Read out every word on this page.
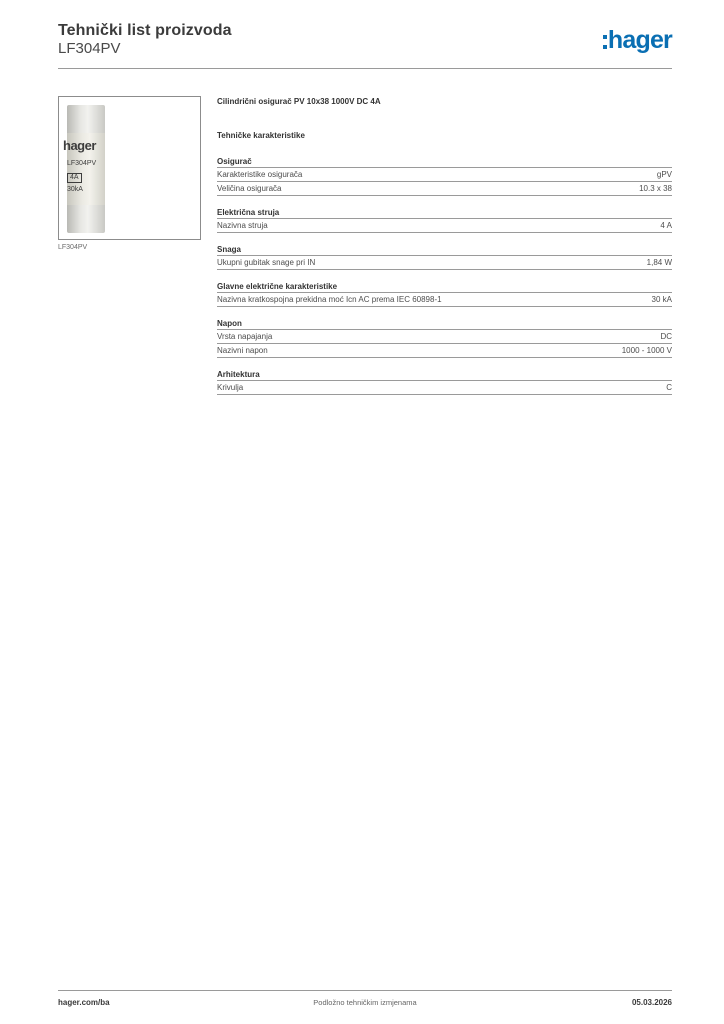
Tehnički list proizvoda
LF304PV	hager
hager
LF304PV
4A
30kA
LF304PV
Cilindrični osigurač PV 10x38 1000V DC 4A
Tehničke karakteristike
Osigurač
Karakteristike osigurača	gPV
Veličina osigurača	10.3 x 38
Električna struja
Nazivna struja	4 A
Snaga
Ukupni gubitak snage pri IN	1,84 W
Glavne električne karakteristike
Nazivna kratkospojna prekidna moć Icn AC prema IEC 60898-1	30 kA
Napon
Vrsta napajanja	DC
Nazivni napon	1000 - 1000 V
Arhitektura
Krivulja	C
hager.com/ba	Podložno tehničkim izmjenama	05.03.2026
